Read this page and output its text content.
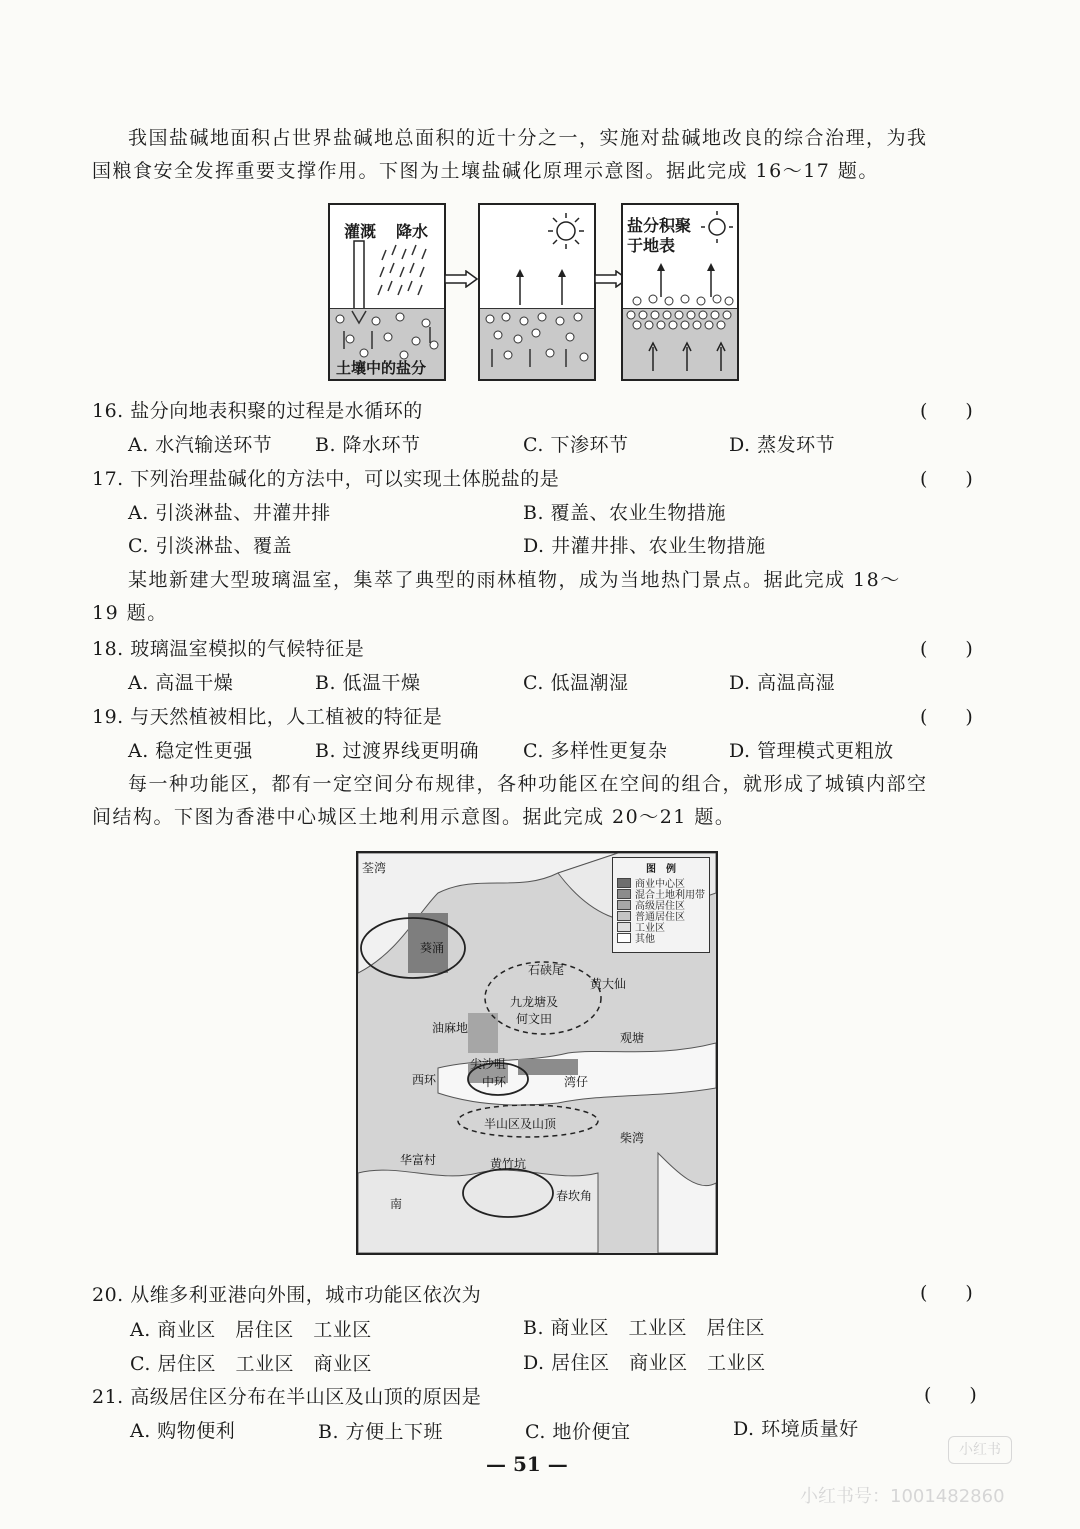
我国盐碱地面积占世界盐碱地总面积的近十分之一，实施对盐碱地改良的综合治理，为我
国粮食安全发挥重要支撑作用。下图为土壤盐碱化原理示意图。据此完成 16～17 题。
灌溉 降水
土壤中的盐分
盐分积聚
于地表
16. 盐分向地表积聚的过程是水循环的	(　　)
A. 水汽输送环节 B. 降水环节	C. 下渗环节	D. 蒸发环节
17. 下列治理盐碱化的方法中，可以实现土体脱盐的是	(　　)
A. 引淡淋盐、井灌井排	B. 覆盖、农业生物措施
C. 引淡淋盐、覆盖	D. 井灌井排、农业生物措施
某地新建大型玻璃温室，集萃了典型的雨林植物，成为当地热门景点。据此完成 18～
19 题。
18. 玻璃温室模拟的气候特征是	(　　)
A. 高温干燥	B. 低温干燥	C. 低温潮湿	D. 高温高湿
19. 与天然植被相比，人工植被的特征是	(　　)
A. 稳定性更强	B. 过渡界线更明确 C. 多样性更复杂	D. 管理模式更粗放
每一种功能区，都有一定空间分布规律，各种功能区在空间的组合，就形成了城镇内部空
间结构。下图为香港中心城区土地利用示意图。据此完成 20～21 题。
荃湾
葵涌
石硖尾
黄大仙
九龙塘及何文田
油麻地
观塘
尖沙咀
西环	中环	湾仔
半山区及山顶
柴湾
华富村	黄竹坑
春坎角
南
图　例
商业中心区
混合土地利用带
高级居住区
普通居住区
工业区
其他
20. 从维多利亚港向外围，城市功能区依次为	(　　)
A. 商业区　居住区　工业区	B. 商业区　工业区　居住区
C. 居住区　工业区　商业区	D. 居住区　商业区　工业区
21. 高级居住区分布在半山区及山顶的原因是	(　　)
A. 购物便利	B. 方便上下班	C. 地价便宜	D. 环境质量好
— 51 —
小红书
小红书号：1001482860
